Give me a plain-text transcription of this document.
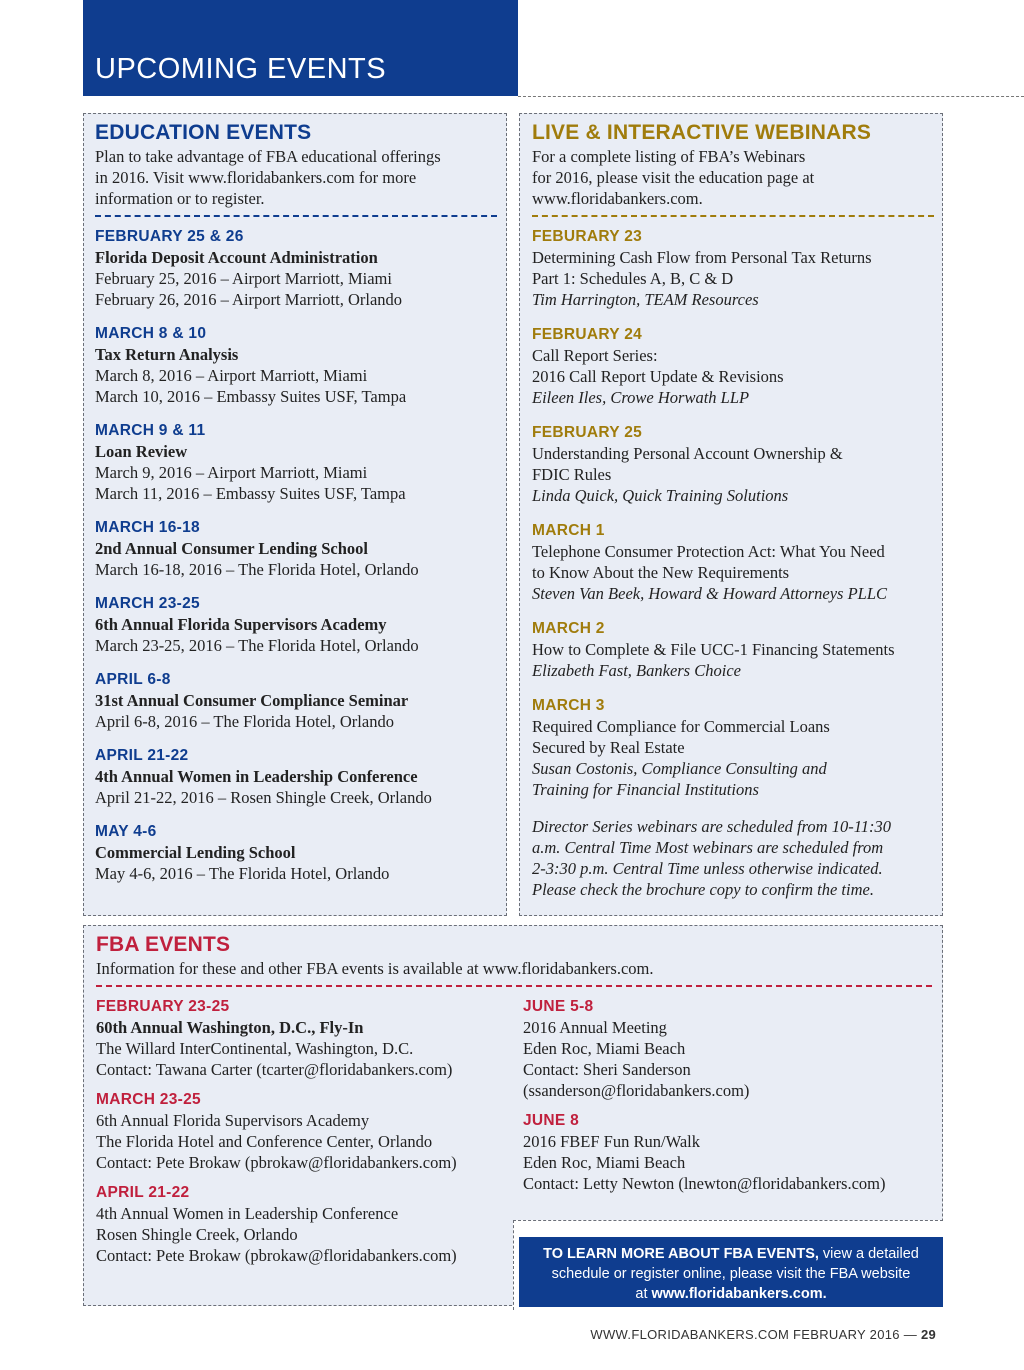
UPCOMING EVENTS
EDUCATION EVENTS
Plan to take advantage of FBA educational offerings
in 2016. Visit www.floridabankers.com for more
information or to register.
FEBRUARY 25 & 26
Florida Deposit Account Administration
February 25, 2016 – Airport Marriott, Miami
February 26, 2016 – Airport Marriott, Orlando
MARCH 8 & 10
Tax Return Analysis
March 8, 2016 – Airport Marriott, Miami
March 10, 2016 – Embassy Suites USF, Tampa
MARCH 9 & 11
Loan Review
March 9, 2016 – Airport Marriott, Miami
March 11, 2016 – Embassy Suites USF, Tampa
MARCH 16-18
2nd Annual Consumer Lending School
March 16-18, 2016 – The Florida Hotel, Orlando
MARCH 23-25
6th Annual Florida Supervisors Academy
March 23-25, 2016 – The Florida Hotel, Orlando
APRIL 6-8
31st Annual Consumer Compliance Seminar
April 6-8, 2016 – The Florida Hotel, Orlando
APRIL 21-22
4th Annual Women in Leadership Conference
April 21-22, 2016 – Rosen Shingle Creek, Orlando
MAY 4-6
Commercial Lending School
May 4-6, 2016 – The Florida Hotel, Orlando
LIVE & INTERACTIVE WEBINARS
For a complete listing of FBA’s Webinars
for 2016, please visit the education page at
www.floridabankers.com.
FEBURARY 23
Determining Cash Flow from Personal Tax Returns
Part 1: Schedules A, B, C & D
Tim Harrington, TEAM Resources
FEBRUARY 24
Call Report Series:
2016 Call Report Update & Revisions
Eileen Iles, Crowe Horwath LLP
FEBRUARY 25
Understanding Personal Account Ownership &
FDIC Rules
Linda Quick, Quick Training Solutions
MARCH 1
Telephone Consumer Protection Act: What You Need
to Know About the New Requirements
Steven Van Beek, Howard & Howard Attorneys PLLC
MARCH 2
How to Complete & File UCC-1 Financing Statements
Elizabeth Fast, Bankers Choice
MARCH 3
Required Compliance for Commercial Loans
Secured by Real Estate
Susan Costonis, Compliance Consulting and
Training for Financial Institutions
Director Series webinars are scheduled from 10-11:30
a.m. Central Time Most webinars are scheduled from
2-3:30 p.m. Central Time unless otherwise indicated.
Please check the brochure copy to confirm the time.
FBA EVENTS
Information for these and other FBA events is available at www.floridabankers.com.
FEBRUARY 23-25
60th Annual Washington, D.C., Fly-In
The Willard InterContinental, Washington, D.C.
Contact: Tawana Carter (tcarter@floridabankers.com)
MARCH 23-25
6th Annual Florida Supervisors Academy
The Florida Hotel and Conference Center, Orlando
Contact: Pete Brokaw (pbrokaw@floridabankers.com)
APRIL 21-22
4th Annual Women in Leadership Conference
Rosen Shingle Creek, Orlando
Contact: Pete Brokaw (pbrokaw@floridabankers.com)
JUNE 5-8
2016 Annual Meeting
Eden Roc, Miami Beach
Contact: Sheri Sanderson
(ssanderson@floridabankers.com)
JUNE 8
2016 FBEF Fun Run/Walk
Eden Roc, Miami Beach
Contact: Letty Newton (lnewton@floridabankers.com)
TO LEARN MORE ABOUT FBA EVENTS, view a detailed
schedule or register online, please visit the FBA website
at www.floridabankers.com.
WWW.FLORIDABANKERS.COM FEBRUARY 2016 — 29
